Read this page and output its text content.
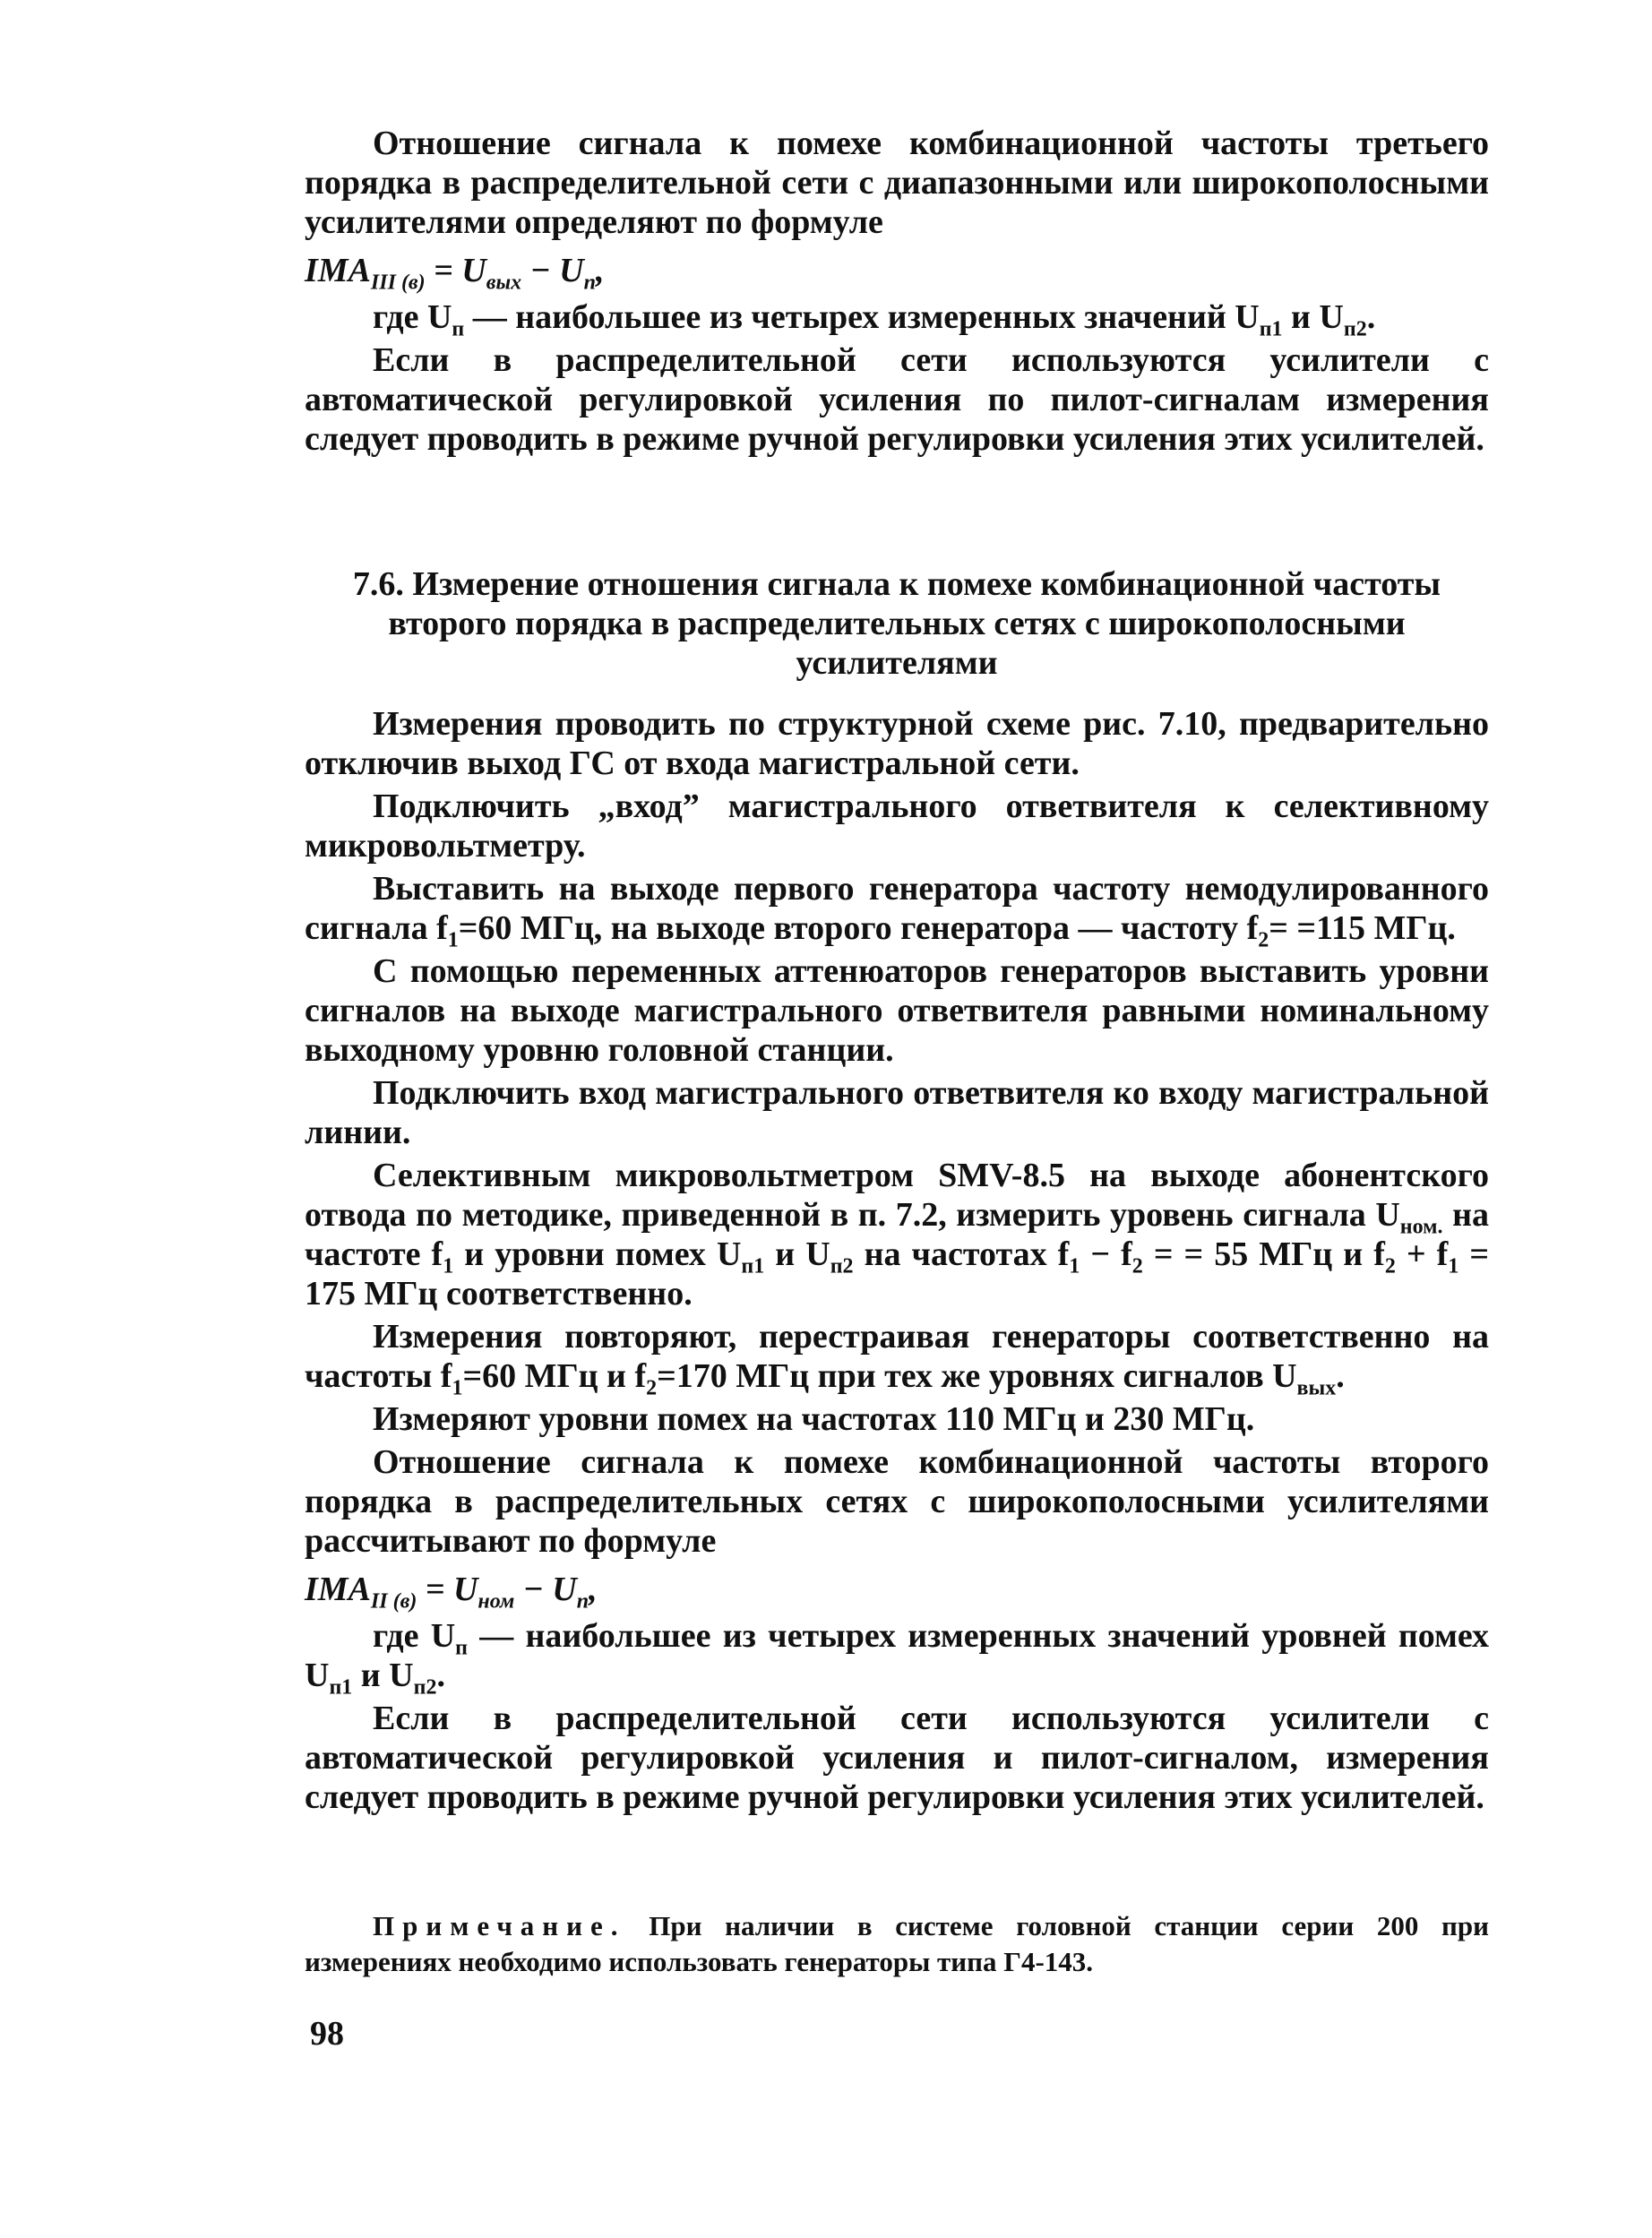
Отношение сигнала к помехе комбинационной частоты третьего порядка в распределительной сети с диапазонными или широкополосными усилителями определяют по формуле

$IMA_{III (в)} = U_{вых} - U_п$,

где $U_п$ — наибольшее из четырех измеренных значений $U_{п1}$ и $U_{п2}$.

Если в распределительной сети используются усилители с автоматической регулировкой усиления по пилот-сигналам измерения следует проводить в режиме ручной регулировки усиления этих усилителей.

7.6. Измерение отношения сигнала к помехе комбинационной частоты второго порядка в распределительных сетях с широкополосными усилителями

Измерения проводить по структурной схеме рис. 7.10, предварительно отключив выход ГС от входа магистральной сети.

Подключить „вход” магистрального ответвителя к селективному микровольтметру.

Выставить на выходе первого генератора частоту немодулированного сигнала $f_1=60$ МГц, на выходе второго генератора — частоту $f_2= =115$ МГц.

С помощью переменных аттенюаторов генераторов выставить уровни сигналов на выходе магистрального ответвителя равными номинальному выходному уровню головной станции.

Подключить вход магистрального ответвителя ко входу магистральной линии.

Селективным микровольтметром SMV-8.5 на выходе абонентского отвода по методике, приведенной в п. 7.2, измерить уровень сигнала $U_{ном.}$ на частоте $f_1$ и уровни помех $U_{п1}$ и $U_{п2}$ на частотах $f_1 - f_2$ = = 55 МГц и $f_2 + f_1 = 175$ МГц соответственно.

Измерения повторяют, перестраивая генераторы соответственно на частоты $f_1=60$ МГц и $f_2=170$ МГц при тех же уровнях сигналов $U_{вых}$.

Измеряют уровни помех на частотах 110 МГц и 230 МГц.

Отношение сигнала к помехе комбинационной частоты второго порядка в распределительных сетях с широкополосными усилителями рассчитывают по формуле

$IMA_{II (в)} = U_{ном} - U_п$,

где $U_п$ — наибольшее из четырех измеренных значений уровней помех $U_{п1}$ и $U_{п2}$.

Если в распределительной сети используются усилители с автоматической регулировкой усиления и пилот-сигналом, измерения следует проводить в режиме ручной регулировки усиления этих усилителей.

Примечание. При наличии в системе головной станции серии 200 при измерениях необходимо использовать генераторы типа Г4-143.
98
